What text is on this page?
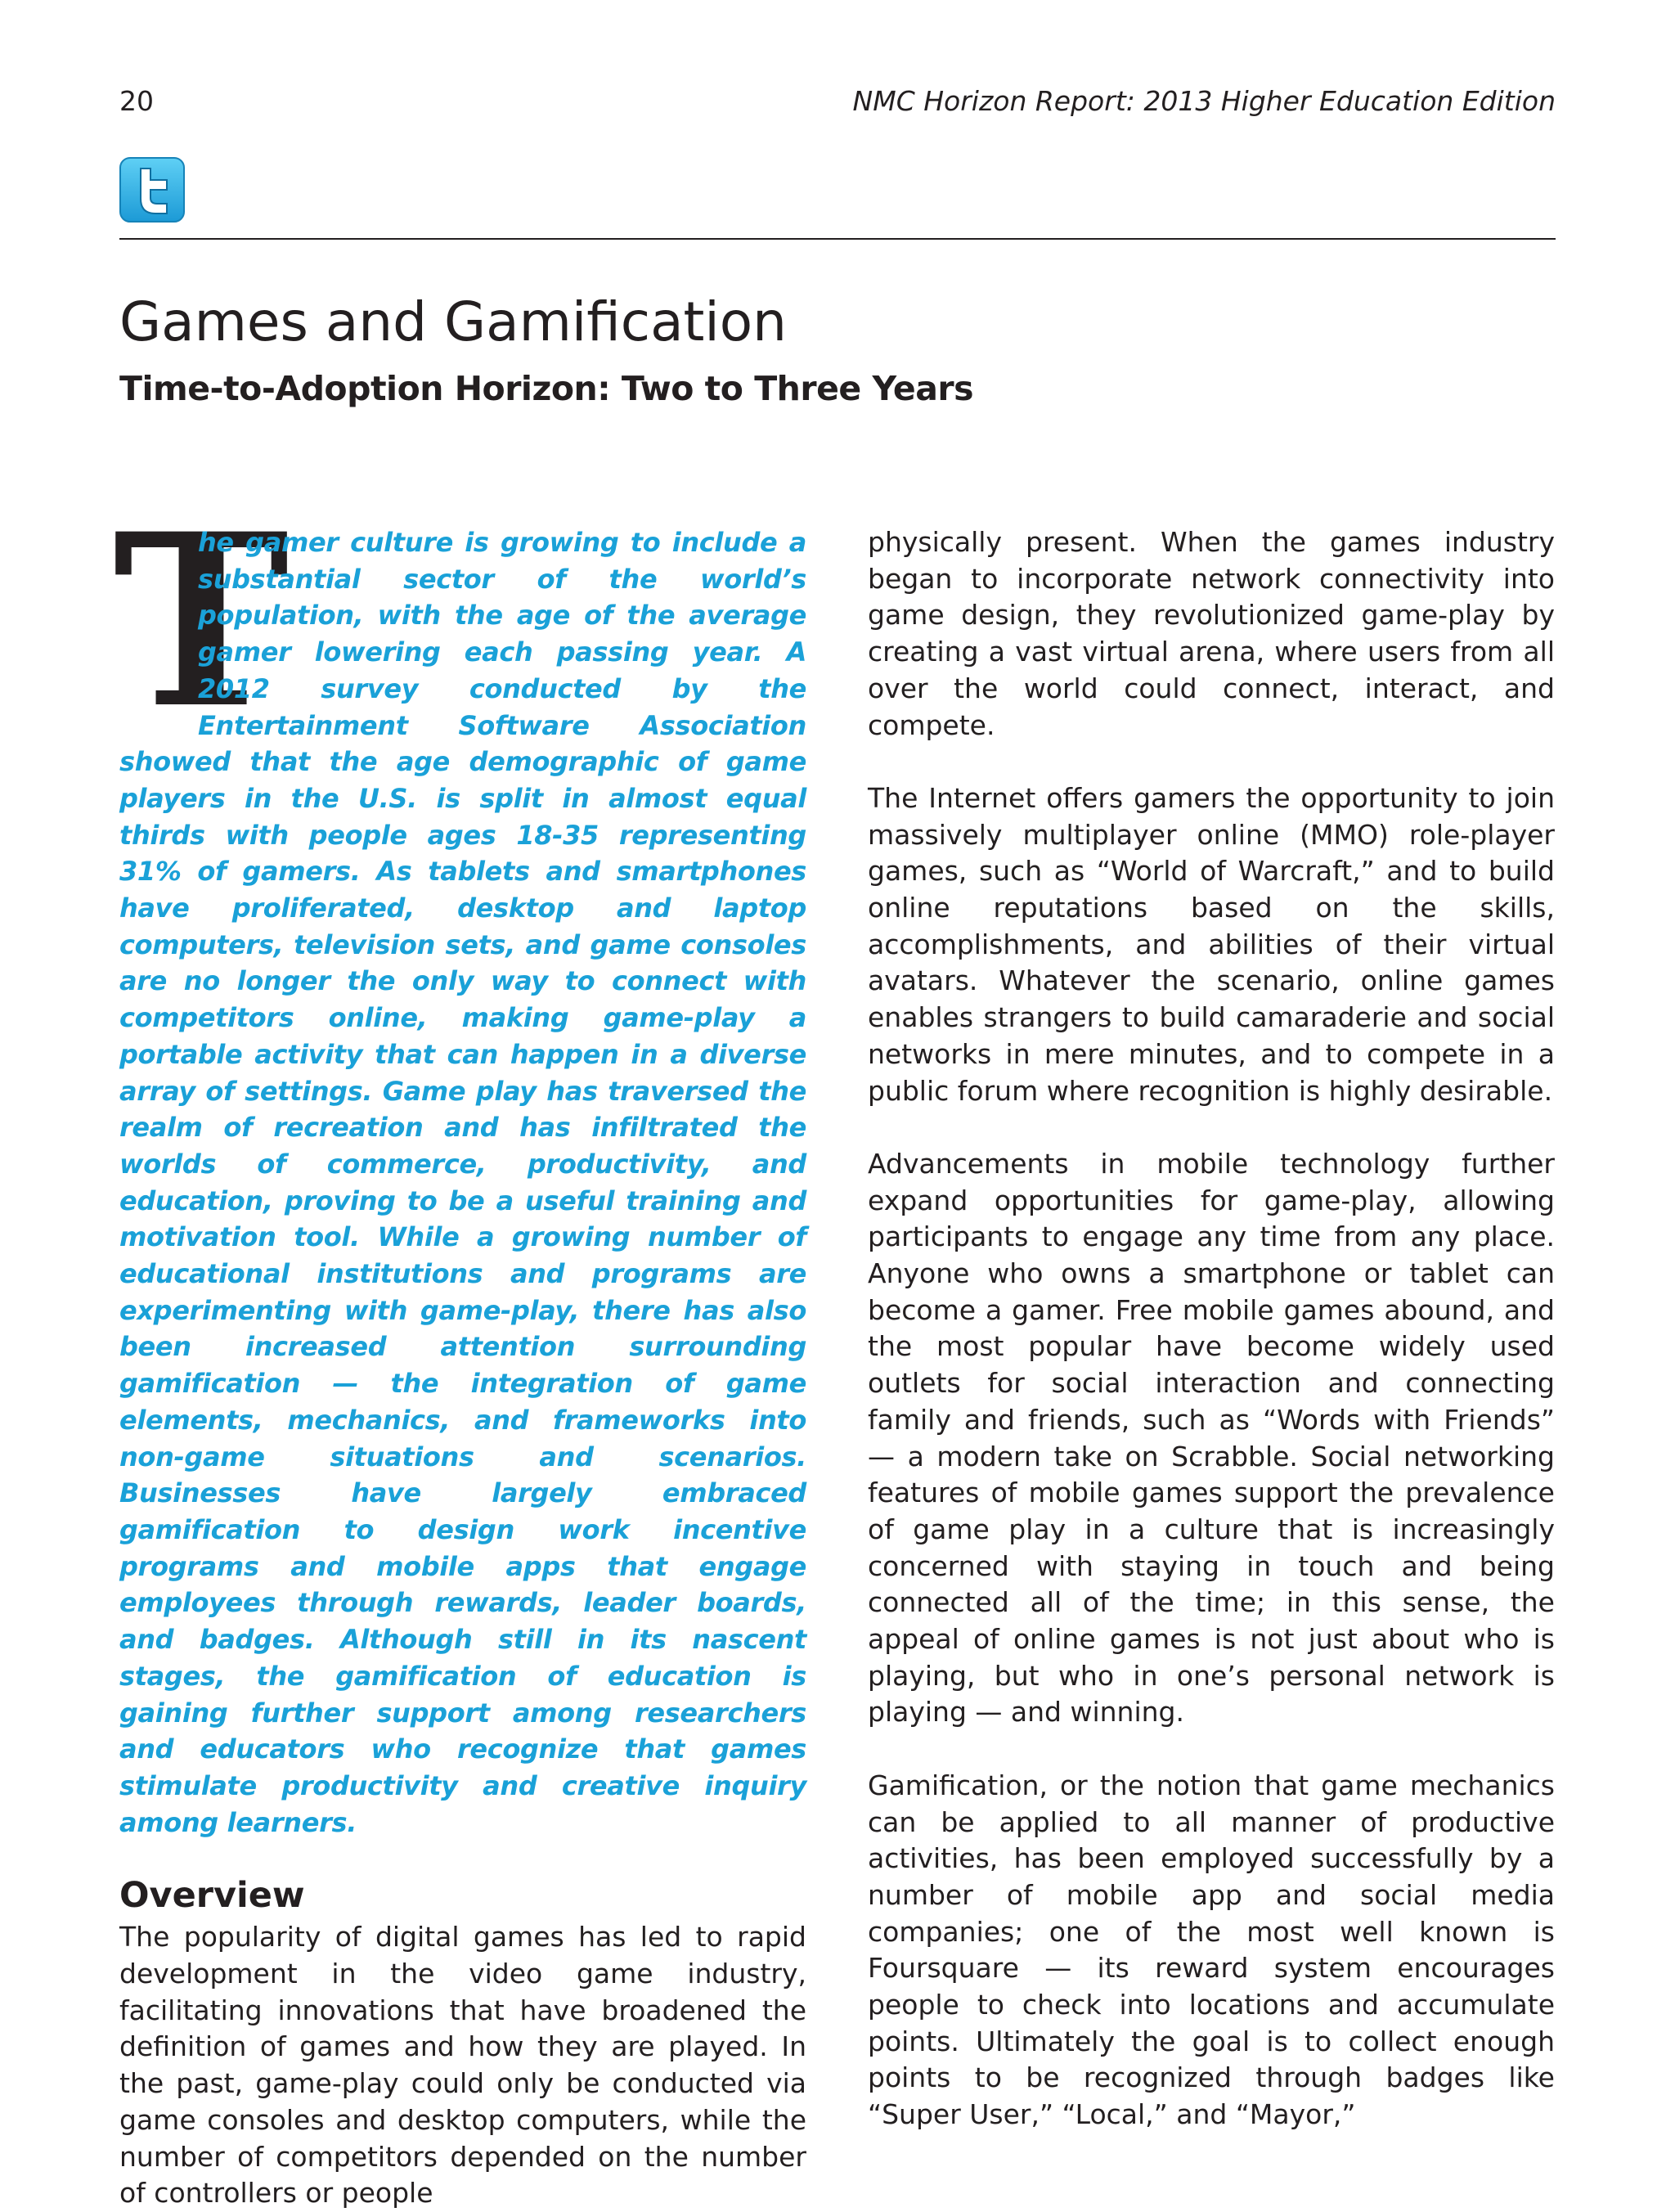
20	NMC Horizon Report: 2013 Higher Education Edition
Games and Gamification
Time-to-Adoption Horizon: Two to Three Years

T
he gamer culture is growing to include a substantial sector of the world’s population, with the age of the average gamer lowering each passing year. A 2012 survey conducted by the Entertainment Software Association showed that the age demographic of game players in the U.S. is split in almost equal thirds with people ages 18-35 representing 31% of gamers. As tablets and smartphones have proliferated, desktop and laptop computers, television sets, and game consoles are no longer the only way to connect with competitors online, making game-play a portable activity that can happen in a diverse array of settings. Game play has traversed the realm of recreation and has infiltrated the worlds of commerce, productivity, and education, proving to be a useful training and motivation tool. While a growing number of educational institutions and programs are experimenting with game-play, there has also been increased attention surrounding gamification — the integration of game elements, mechanics, and frameworks into non-game situations and scenarios. Businesses have largely embraced gamification to design work incentive programs and mobile apps that engage employees through rewards, leader boards, and badges. Although still in its nascent stages, the gamification of education is gaining further support among researchers and educators who recognize that games stimulate productivity and creative inquiry among learners.

Overview

The popularity of digital games has led to rapid development in the video game industry, facilitating innovations that have broadened the definition of games and how they are played. In the past, game-play could only be conducted via game consoles and desktop computers, while the number of competitors depended on the number of controllers or people

physically present. When the games industry began to incorporate network connectivity into game design, they revolutionized game-play by creating a vast virtual arena, where users from all over the world could connect, interact, and compete.

The Internet offers gamers the opportunity to join massively multiplayer online (MMO) role-player games, such as “World of Warcraft,” and to build online reputations based on the skills, accomplishments, and abilities of their virtual avatars. Whatever the scenario, online games enables strangers to build camaraderie and social networks in mere minutes, and to compete in a public forum where recognition is highly desirable.

Advancements in mobile technology further expand opportunities for game-play, allowing participants to engage any time from any place. Anyone who owns a smartphone or tablet can become a gamer. Free mobile games abound, and the most popular have become widely used outlets for social interaction and connecting family and friends, such as “Words with Friends” — a modern take on Scrabble. Social networking features of mobile games support the prevalence of game play in a culture that is increasingly concerned with staying in touch and being connected all of the time; in this sense, the appeal of online games is not just about who is playing, but who in one’s personal network is playing — and winning.

Gamification, or the notion that game mechanics can be applied to all manner of productive activities, has been employed successfully by a number of mobile app and social media companies; one of the most well known is Foursquare — its reward system encourages people to check into locations and accumulate points. Ultimately the goal is to collect enough points to be recognized through badges like “Super User,” “Local,” and “Mayor,”
